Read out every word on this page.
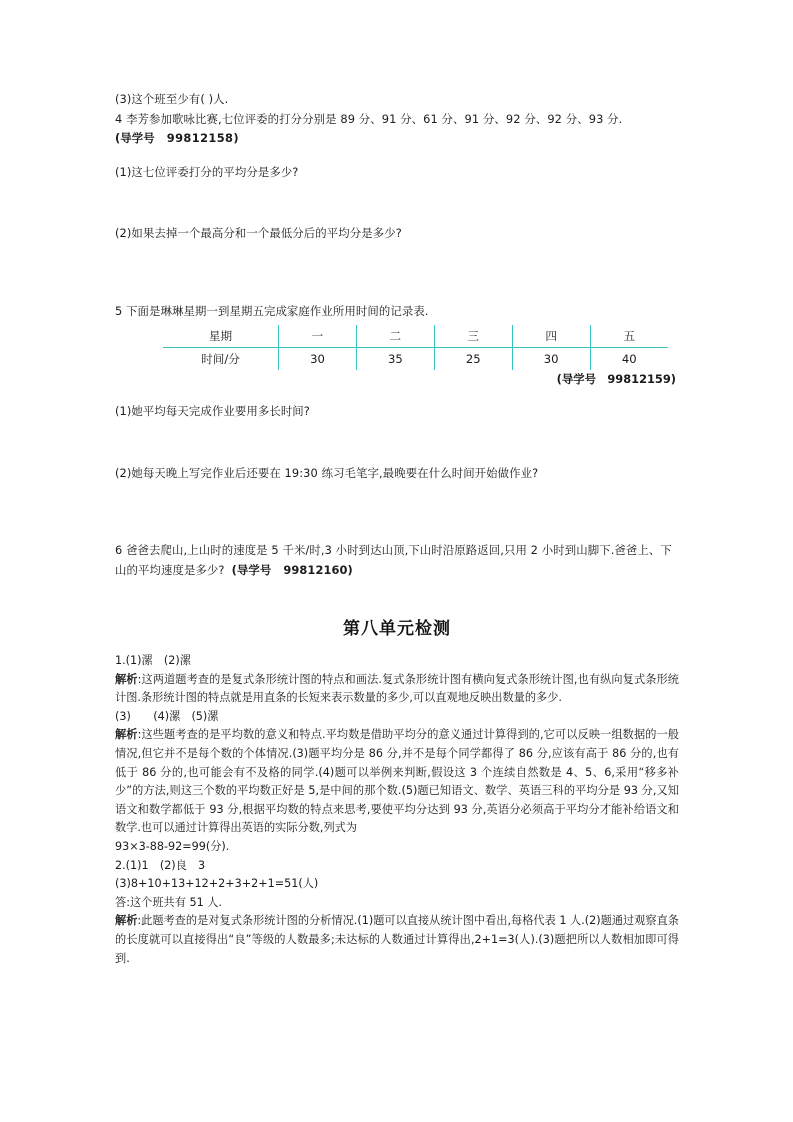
(3)这个班至少有( )人.
4 李芳参加歌咏比赛,七位评委的打分分别是 89 分、91 分、61 分、91 分、92 分、92 分、93 分.
(导学号 99812158)
(1)这七位评委打分的平均分是多少?
(2)如果去掉一个最高分和一个最低分后的平均分是多少?
5 下面是琳琳星期一到星期五完成家庭作业所用时间的记录表.
星期	一	二	三	四	五
时间/分	30	35	25	30	40
(导学号　99812159)
(1)她平均每天完成作业要用多长时间?
(2)她每天晚上写完作业后还要在 19:30 练习毛笔字,最晚要在什么时间开始做作业?
6 爸爸去爬山,上山时的速度是 5 千米/时,3 小时到达山顶,下山时沿原路返回,只用 2 小时到山脚下.爸爸上、下山的平均速度是多少? (导学号 99812160)
第八单元检测
1.(1)漯　(2)漯
解析:这两道题考查的是复式条形统计图的特点和画法.复式条形统计图有横向复式条形统计图,也有纵向复式条形统计图.条形统计图的特点就是用直条的长短来表示数量的多少,可以直观地反映出数量的多少.
(3)　　(4)漯　(5)漯
解析:这些题考查的是平均数的意义和特点.平均数是借助平均分的意义通过计算得到的,它可以反映一组数据的一般情况,但它并不是每个数的个体情况.(3)题平均分是 86 分,并不是每个同学都得了 86 分,应该有高于 86 分的,也有低于 86 分的,也可能会有不及格的同学.(4)题可以举例来判断,假设这 3 个连续自然数是 4、5、6,采用“移多补少”的方法,则这三个数的平均数正好是 5,是中间的那个数.(5)题已知语文、数学、英语三科的平均分是 93 分,又知语文和数学都低于 93 分,根据平均数的特点来思考,要使平均分达到 93 分,英语分必须高于平均分才能补给语文和数学.也可以通过计算得出英语的实际分数,列式为
93×3-88-92=99(分).
2.(1)1　(2)良　3
(3)8+10+13+12+2+3+2+1=51(人)
答:这个班共有 51 人.
解析:此题考查的是对复式条形统计图的分析情况.(1)题可以直接从统计图中看出,每格代表 1 人.(2)题通过观察直条的长度就可以直接得出“良”等级的人数最多;未达标的人数通过计算得出,2+1=3(人).(3)题把所以人数相加即可得到.
